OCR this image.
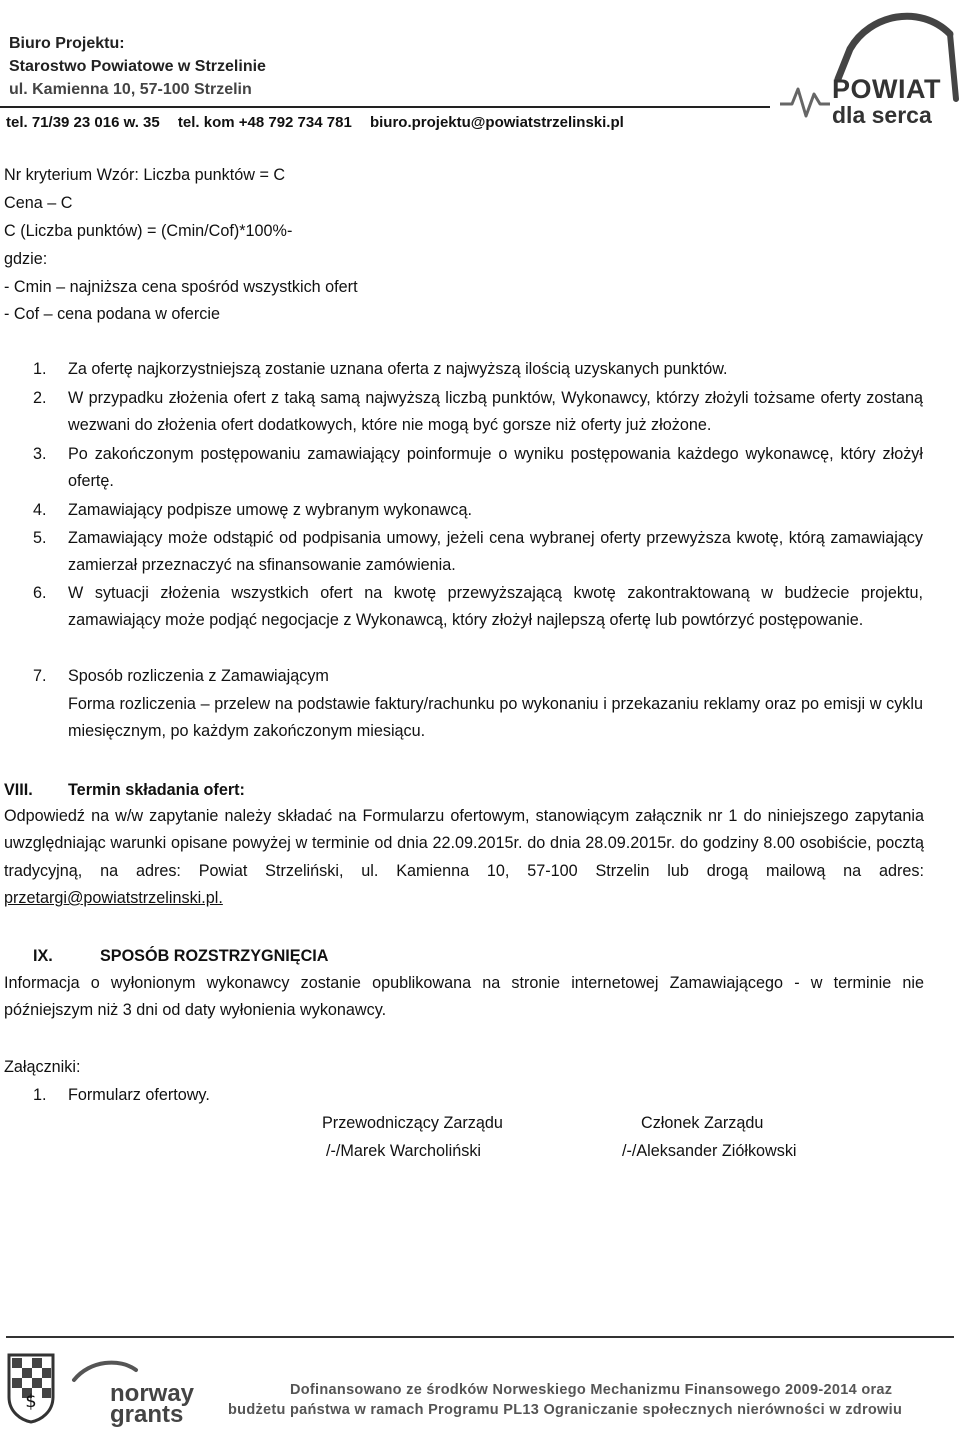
Biuro Projektu:
Starostwo Powiatowe w Strzelinie
ul. Kamienna 10, 57-100 Strzelin
tel. 71/39 23 016 w. 35 tel. kom +48 792 734 781 biuro.projektu@powiatstrzelinski.pl
POWIAT
dla serca
Nr kryterium Wzór: Liczba punktów = C
Cena – C
C (Liczba punktów) = (Cmin/Cof)*100%-
gdzie:
- Cmin – najniższa cena spośród wszystkich ofert
- Cof – cena podana w ofercie
1. Za ofertę najkorzystniejszą zostanie uznana oferta z najwyższą ilością uzyskanych punktów.
2. W przypadku złożenia ofert z taką samą najwyższą liczbą punktów, Wykonawcy, którzy złożyli tożsame oferty zostaną wezwani do złożenia ofert dodatkowych, które nie mogą być gorsze niż oferty już złożone.
3. Po zakończonym postępowaniu zamawiający poinformuje o wyniku postępowania każdego wykonawcę, który złożył ofertę.
4. Zamawiający podpisze umowę z wybranym wykonawcą.
5. Zamawiający może odstąpić od podpisania umowy, jeżeli cena wybranej oferty przewyższa kwotę, którą zamawiający zamierzał przeznaczyć na sfinansowanie zamówienia.
6. W sytuacji złożenia wszystkich ofert na kwotę przewyższającą kwotę zakontraktowaną w budżecie projektu, zamawiający może podjąć negocjacje z Wykonawcą, który złożył najlepszą ofertę lub powtórzyć postępowanie.
7. Sposób rozliczenia z Zamawiającym
Forma rozliczenia – przelew na podstawie faktury/rachunku po wykonaniu i przekazaniu reklamy oraz po emisji w cyklu miesięcznym, po każdym zakończonym miesiącu.
VIII. Termin składania ofert:
Odpowiedź na w/w zapytanie należy składać na Formularzu ofertowym, stanowiącym załącznik nr 1 do niniejszego zapytania uwzględniając warunki opisane powyżej w terminie od dnia 22.09.2015r. do dnia 28.09.2015r. do godziny 8.00 osobiście, pocztą tradycyjną, na adres: Powiat Strzeliński, ul. Kamienna 10, 57-100 Strzelin lub drogą mailową na adres: przetargi@powiatstrzelinski.pl.
IX.	SPOSÓB ROZSTRZYGNIĘCIA
Informacja o wyłonionym wykonawcy zostanie opublikowana na stronie internetowej Zamawiającego - w terminie nie późniejszym niż 3 dni od daty wyłonienia wykonawcy.
Załączniki:
1. Formularz ofertowy.
Przewodniczący Zarządu
/-/Marek Warcholiński
Członek Zarządu
/-/Aleksander Ziółkowski
$	norway
grants
Dofinansowano ze środków Norweskiego Mechanizmu Finansowego 2009-2014 oraz
budżetu państwa w ramach Programu PL13 Ograniczanie społecznych nierówności w zdrowiu
